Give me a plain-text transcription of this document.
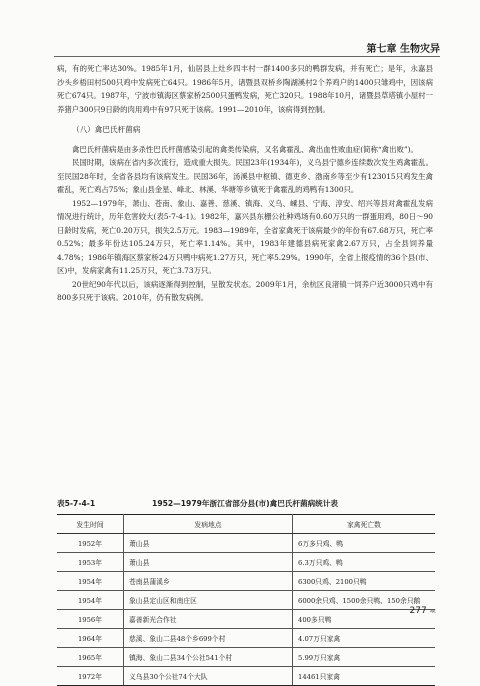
第七章 生物灾异

病，有的死亡率达30%。1985年1月，仙居县上灶乡四丰村一群1400多只的鸭群发病，并有死亡；是年，永嘉县沙头乡梧田村500只鸡中发病死亡64只。1986年5月，诸暨县双桥乡陶湖溪村2个养鸡户的1400只雏鸡中，因该病死亡674只。1987年，宁波市镇海区蔡家桥2500只蛋鸭发病，死亡320只。1988年10月，诸暨县草塔镇小屋村一养猪户300只9日龄的肉用鸡中有97只死于该病。1991—2010年，该病得到控制。

（八）禽巴氏杆菌病

禽巴氏杆菌病是由多杀性巴氏杆菌感染引起的禽类传染病，又名禽霍乱、禽出血性败血症(简称“禽出败”)。

民国时期，该病在省内多次流行，造成重大损失。民国23年(1934年)，义乌县宁德乡连续数次发生鸡禽霍乱。至民国28年时，全省各县均有该病发生。民国36年，汤溪县中枢镇、德吏乡、渤南乡等至少有123015只鸡发生禽霍乱，死亡鸡占75%；象山县金星、峰北、林溪、华塘等乡镇死于禽霍乱的鸡鸭有1300只。

1952—1979年，萧山、苍南、象山、嘉善、慈溪、镇海、义乌、嵊县、宁海、淳安、绍兴等县对禽霍乱发病情况进行统计，历年危害较大(表5-7-4-1)。1982年，嘉兴县东栅公社种鸡场有0.60万只的一群蛋用鸡，80日～90日龄时发病，死亡0.20万只，损失2.5万元。1983—1989年，全省家禽死于该病最少的年份有67.68万只，死亡率0.52%；最多年份达105.24万只，死亡率1.14%。其中，1983年建德县病死家禽2.67万只，占全县饲养量4.78%；1986年镇海区蔡家桥24万只鸭中病死1.27万只，死亡率5.29%。1990年，全省上报疫情的36个县(市、区)中，发病家禽有11.25万只，死亡3.73万只。

20世纪90年代以后，该病逐渐得到控制，呈散发状态。2009年1月，余杭区良渚镇一饲养户近3000只鸡中有800多只死于该病。2010年，仍有散发病例。

表5-7-4-1	1952—1979年浙江省部分县(市)禽巴氏杆菌病统计表
发生时间	发病地点	家禽死亡数
1952年	萧山县	6万多只鸡、鸭
1953年	萧山县	6.3万只鸡、鸭
1954年	苍南县蒲溪乡	6300只鸡、2100只鸭
1954年	象山县定山区和南庄区	6000余只鸡、1500余只鸭、150余只鹅
1956年	嘉善新光合作社	400多只鸭
1964年	慈溪、象山二县48个乡699个村	4.07万只家禽
1965年	镇海、象山二县34个公社541个村	5.99万只家禽
1972年	义乌县30个公社74个大队	14461只家禽
277 ≪
